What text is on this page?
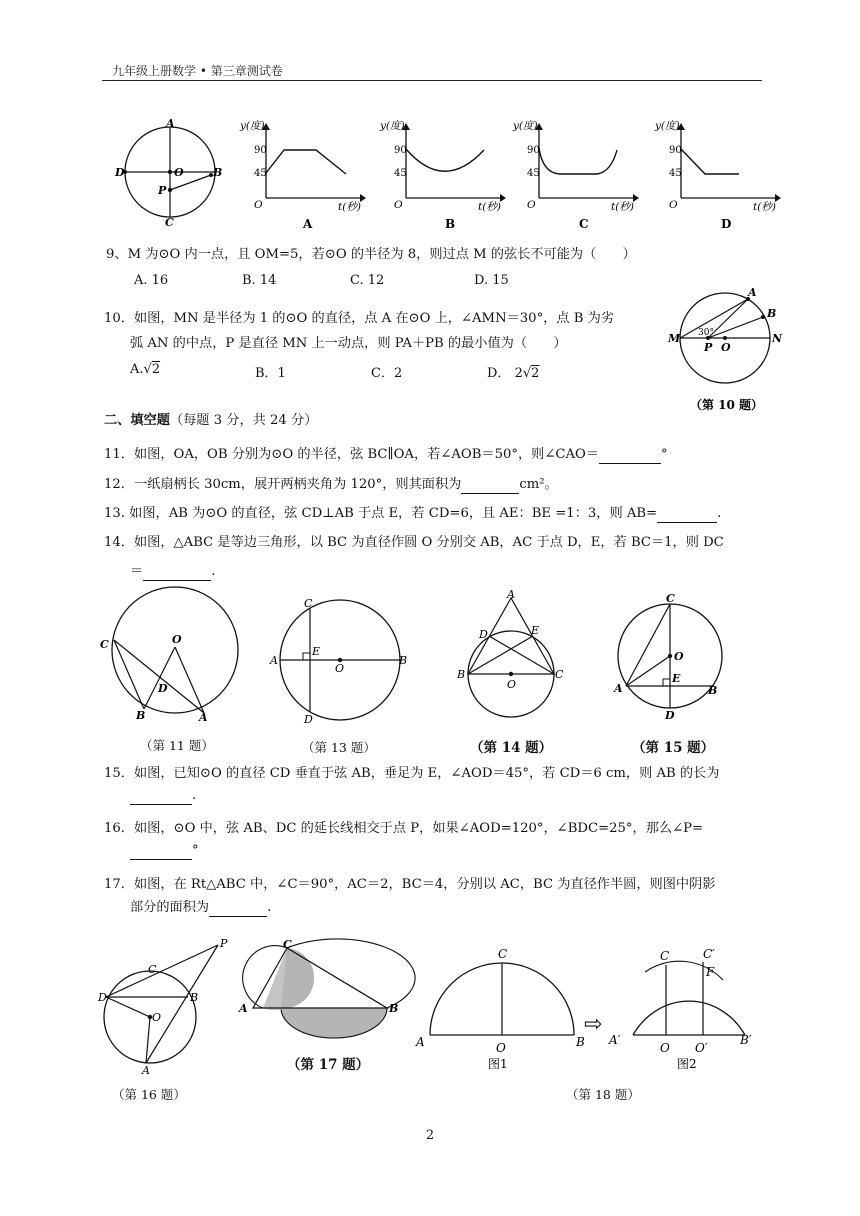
九年级上册数学 • 第三章测试卷
A
B
C
D	O
P
y(度)
90
45
O	t(秒)
A
y(度)
90
45
O	t(秒)
B
y(度)
90
45
O	t(秒)
C
y(度)
90
45
O	t(秒)
D
9、M 为⊙O 内一点，且 OM=5，若⊙O 的半径为 8，则过点 M 的弦长不可能为（　　）
A. 16	B. 14	C. 12	D. 15
10．如图，MN 是半径为 1 的⊙O 的直径，点 A 在⊙O 上，∠AMN＝30°，点 B 为劣
弧 AN 的中点，P 是直径 MN 上一动点，则 PA＋PB 的最小值为（　　）
A.√2	B．1	C．2	D． 2√2
A
B
M	N
P O
30°
（第 10 题）
二、填空题（每题 3 分，共 24 分）
11．如图，OA，OB 分别为⊙O 的半径，弦 BC∥OA，若∠AOB＝50°，则∠CAO＝	°
12．一纸扇柄长 30cm，展开两柄夹角为 120°，则其面积为	cm²。
13. 如图，AB 为⊙O 的直径，弦 CD⊥AB 于点 E，若 CD=6，且 AE：BE =1：3，则 AB=	.
14．如图，△ABC 是等边三角形，以 BC 为直径作圆 O 分别交 AB，AC 于点 D，E，若 BC＝1，则 DC
＝	.
C	O
D
B	A
（第 11 题）
C
A
E
O
B
D
（第 13 题）
A
D	E
B
O
C
（第 14 题）
C
O
E
A	B
D
（第 15 题）
15．如图，已知⊙O 的直径 CD 垂直于弦 AB，垂足为 E，∠AOD＝45°，若 CD＝6 cm，则 AB 的长为
.
16．如图，⊙O 中，弦 AB、DC 的延长线相交于点 P，如果∠AOD=120°，∠BDC=25°，那么∠P=
°
17．如图，在 Rt△ABC 中，∠C＝90°，AC＝2，BC＝4，分别以 AC，BC 为直径作半圆，则图中阴影
部分的面积为	.
P
C
D	B
O
A
（第 16 题）
C
A	B
（第 17 题）
C
A	O	B
图1
⇨
C	C′
F
A′
O O′
B′
图2
（第 18 题）
2
